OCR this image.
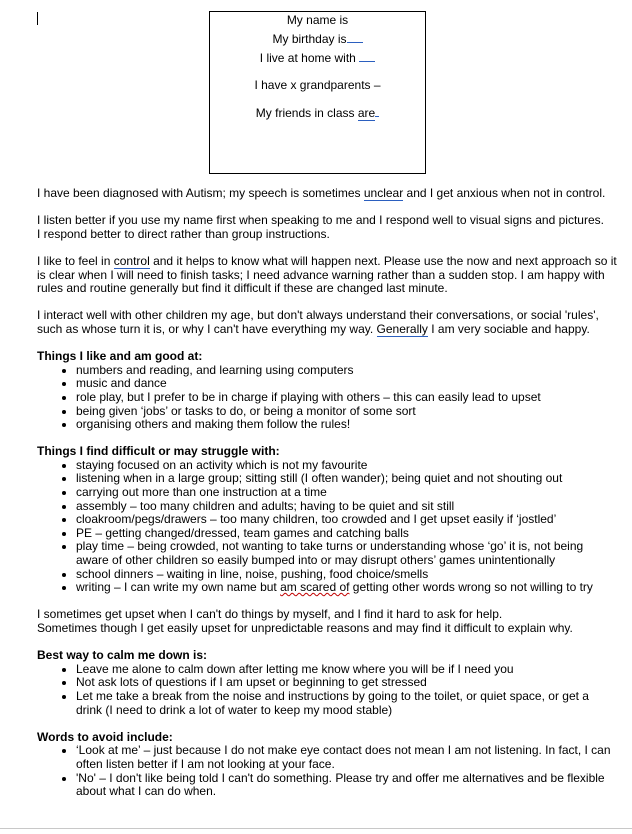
My name is
My birthday is
I live at home with
I have x grandparents –
My friends in class are

I have been diagnosed with Autism; my speech is sometimes unclear and I get anxious when not in control.

I listen better if you use my name first when speaking to me and I respond well to visual signs and pictures.
I respond better to direct rather than group instructions.

I like to feel in control and it helps to know what will happen next. Please use the now and next approach so it is clear when I will need to finish tasks; I need advance warning rather than a sudden stop. I am happy with rules and routine generally but find it difficult if these are changed last minute.

I interact well with other children my age, but don't always understand their conversations, or social 'rules', such as whose turn it is, or why I can't have everything my way. Generally I am very sociable and happy.

Things I like and am good at:

• numbers and reading, and learning using computers
• music and dance
• role play, but I prefer to be in charge if playing with others – this can easily lead to upset
• being given ‘jobs’ or tasks to do, or being a monitor of some sort
• organising others and making them follow the rules!

Things I find difficult or may struggle with:

• staying focused on an activity which is not my favourite
• listening when in a large group; sitting still (I often wander); being quiet and not shouting out
• carrying out more than one instruction at a time
• assembly – too many children and adults; having to be quiet and sit still
• cloakroom/pegs/drawers – too many children, too crowded and I get upset easily if ‘jostled’
• PE – getting changed/dressed, team games and catching balls
• play time – being crowded, not wanting to take turns or understanding whose ‘go’ it is, not being aware of other children so easily bumped into or may disrupt others’ games unintentionally
• school dinners – waiting in line, noise, pushing, food choice/smells
• writing – I can write my own name but am scared of getting other words wrong so not willing to try

I sometimes get upset when I can't do things by myself, and I find it hard to ask for help.
Sometimes though I get easily upset for unpredictable reasons and may find it difficult to explain why.

Best way to calm me down is:

• Leave me alone to calm down after letting me know where you will be if I need you
• Not ask lots of questions if I am upset or beginning to get stressed
• Let me take a break from the noise and instructions by going to the toilet, or quiet space, or get a drink (I need to drink a lot of water to keep my mood stable)

Words to avoid include:

• ‘Look at me’ – just because I do not make eye contact does not mean I am not listening. In fact, I can often listen better if I am not looking at your face.
• 'No' – I don't like being told I can't do something. Please try and offer me alternatives and be flexible about what I can do when.
